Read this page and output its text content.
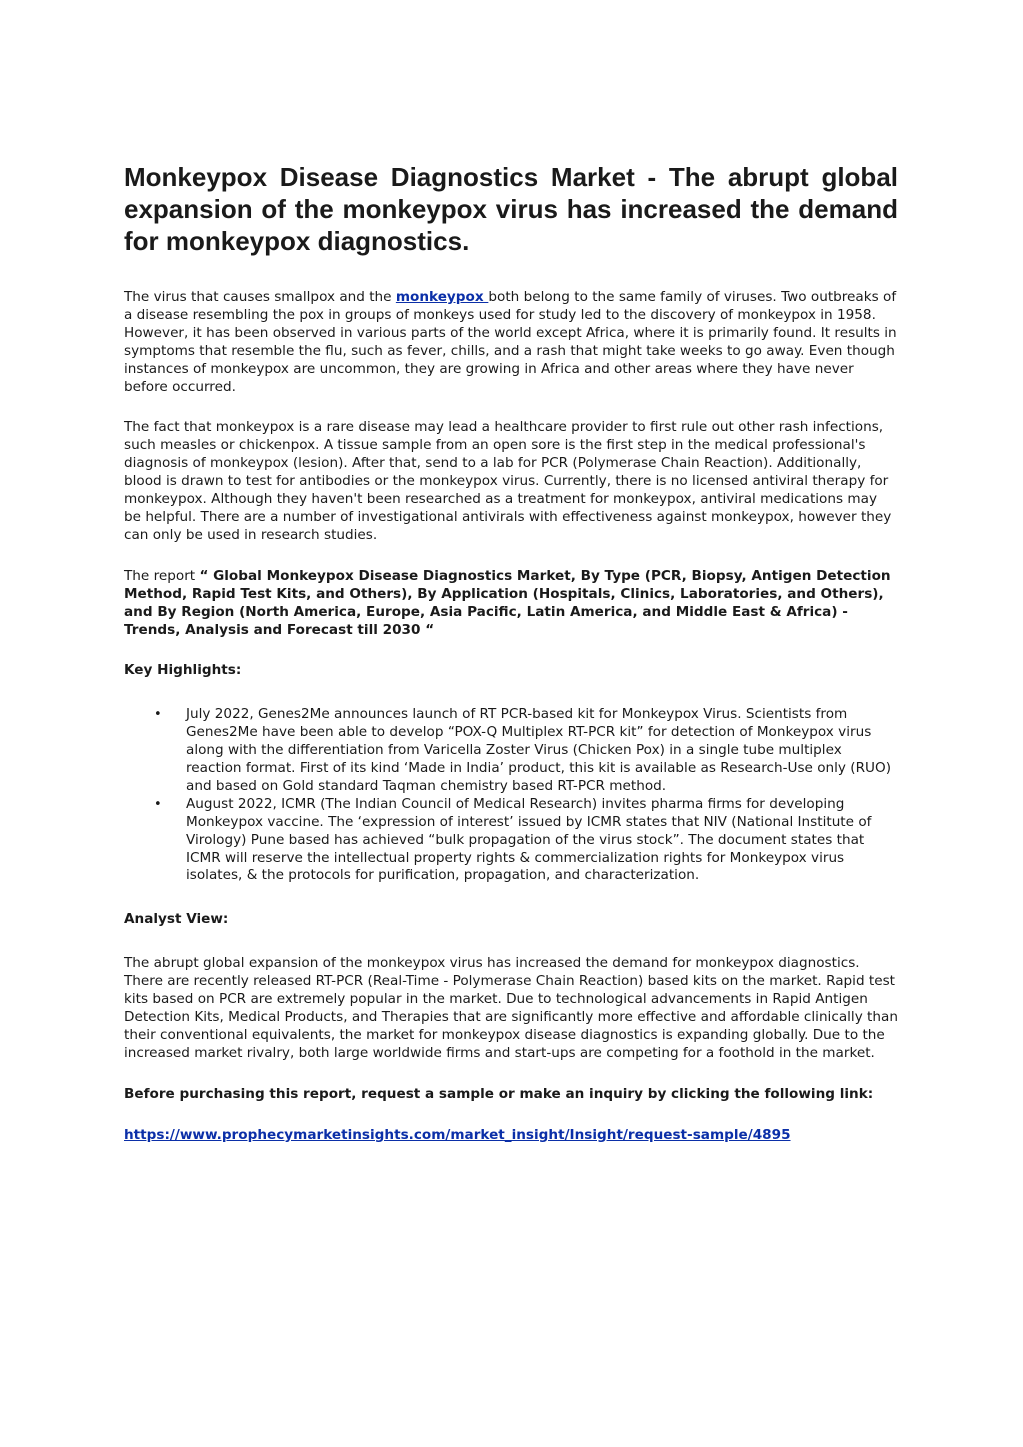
Monkeypox Disease Diagnostics Market - The abrupt global expansion of the monkeypox virus has increased the demand for monkeypox diagnostics.

The virus that causes smallpox and the monkeypox both belong to the same family of viruses. Two outbreaks of a disease resembling the pox in groups of monkeys used for study led to the discovery of monkeypox in 1958. However, it has been observed in various parts of the world except Africa, where it is primarily found. It results in symptoms that resemble the flu, such as fever, chills, and a rash that might take weeks to go away. Even though instances of monkeypox are uncommon, they are growing in Africa and other areas where they have never before occurred.

The fact that monkeypox is a rare disease may lead a healthcare provider to first rule out other rash infections, such measles or chickenpox. A tissue sample from an open sore is the first step in the medical professional's diagnosis of monkeypox (lesion). After that, send to a lab for PCR (Polymerase Chain Reaction). Additionally, blood is drawn to test for antibodies or the monkeypox virus. Currently, there is no licensed antiviral therapy for monkeypox. Although they haven't been researched as a treatment for monkeypox, antiviral medications may be helpful. There are a number of investigational antivirals with effectiveness against monkeypox, however they can only be used in research studies.

The report “ Global Monkeypox Disease Diagnostics Market, By Type (PCR, Biopsy, Antigen Detection Method, Rapid Test Kits, and Others), By Application (Hospitals, Clinics, Laboratories, and Others), and By Region (North America, Europe, Asia Pacific, Latin America, and Middle East & Africa) - Trends, Analysis and Forecast till 2030 “

Key Highlights:
• July 2022, Genes2Me announces launch of RT PCR-based kit for Monkeypox Virus. Scientists from Genes2Me have been able to develop “POX-Q Multiplex RT-PCR kit” for detection of Monkeypox virus along with the differentiation from Varicella Zoster Virus (Chicken Pox) in a single tube multiplex reaction format. First of its kind ‘Made in India’ product, this kit is available as Research-Use only (RUO) and based on Gold standard Taqman chemistry based RT-PCR method.
• August 2022, ICMR (The Indian Council of Medical Research) invites pharma firms for developing Monkeypox vaccine. The ‘expression of interest’ issued by ICMR states that NIV (National Institute of Virology) Pune based has achieved “bulk propagation of the virus stock”. The document states that ICMR will reserve the intellectual property rights & commercialization rights for Monkeypox virus isolates, & the protocols for purification, propagation, and characterization.
Analyst View:

The abrupt global expansion of the monkeypox virus has increased the demand for monkeypox diagnostics. There are recently released RT-PCR (Real-Time - Polymerase Chain Reaction) based kits on the market. Rapid test kits based on PCR are extremely popular in the market. Due to technological advancements in Rapid Antigen Detection Kits, Medical Products, and Therapies that are significantly more effective and affordable clinically than their conventional equivalents, the market for monkeypox disease diagnostics is expanding globally. Due to the increased market rivalry, both large worldwide firms and start-ups are competing for a foothold in the market.

Before purchasing this report, request a sample or make an inquiry by clicking the following link:

https://www.prophecymarketinsights.com/market_insight/Insight/request-sample/4895
